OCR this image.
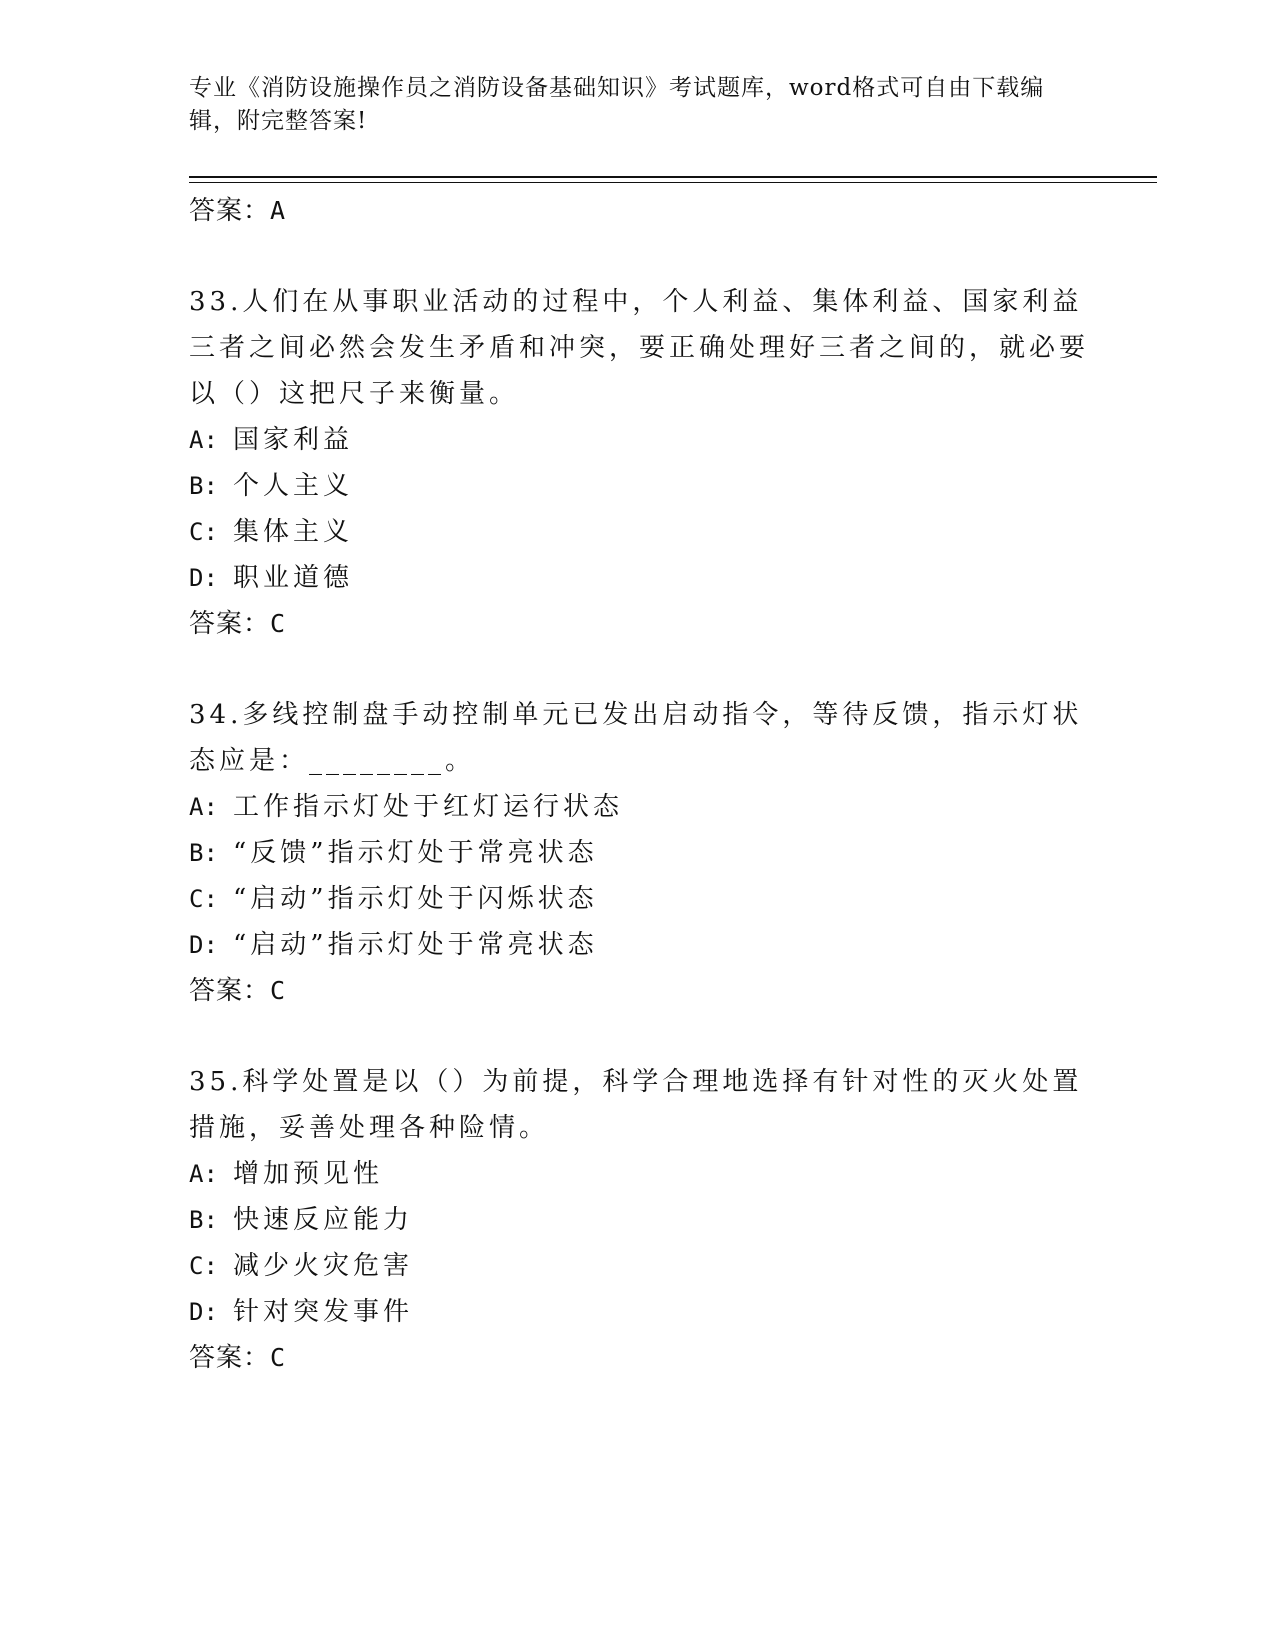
专业《消防设施操作员之消防设备基础知识》考试题库，word格式可自由下载编辑，附完整答案!
答案：A
33.人们在从事职业活动的过程中，个人利益、集体利益、国家利益三者之间必然会发生矛盾和冲突，要正确处理好三者之间的，就必要以（）这把尺子来衡量。
A: 国家利益
B: 个人主义
C: 集体主义
D: 职业道德
答案：C
34.多线控制盘手动控制单元已发出启动指令，等待反馈，指示灯状态应是：________。
A: 工作指示灯处于红灯运行状态
B: “反馈”指示灯处于常亮状态
C: “启动”指示灯处于闪烁状态
D: “启动”指示灯处于常亮状态
答案：C
35.科学处置是以（）为前提，科学合理地选择有针对性的灭火处置措施，妥善处理各种险情。
A: 增加预见性
B: 快速反应能力
C: 减少火灾危害
D: 针对突发事件
答案：C
